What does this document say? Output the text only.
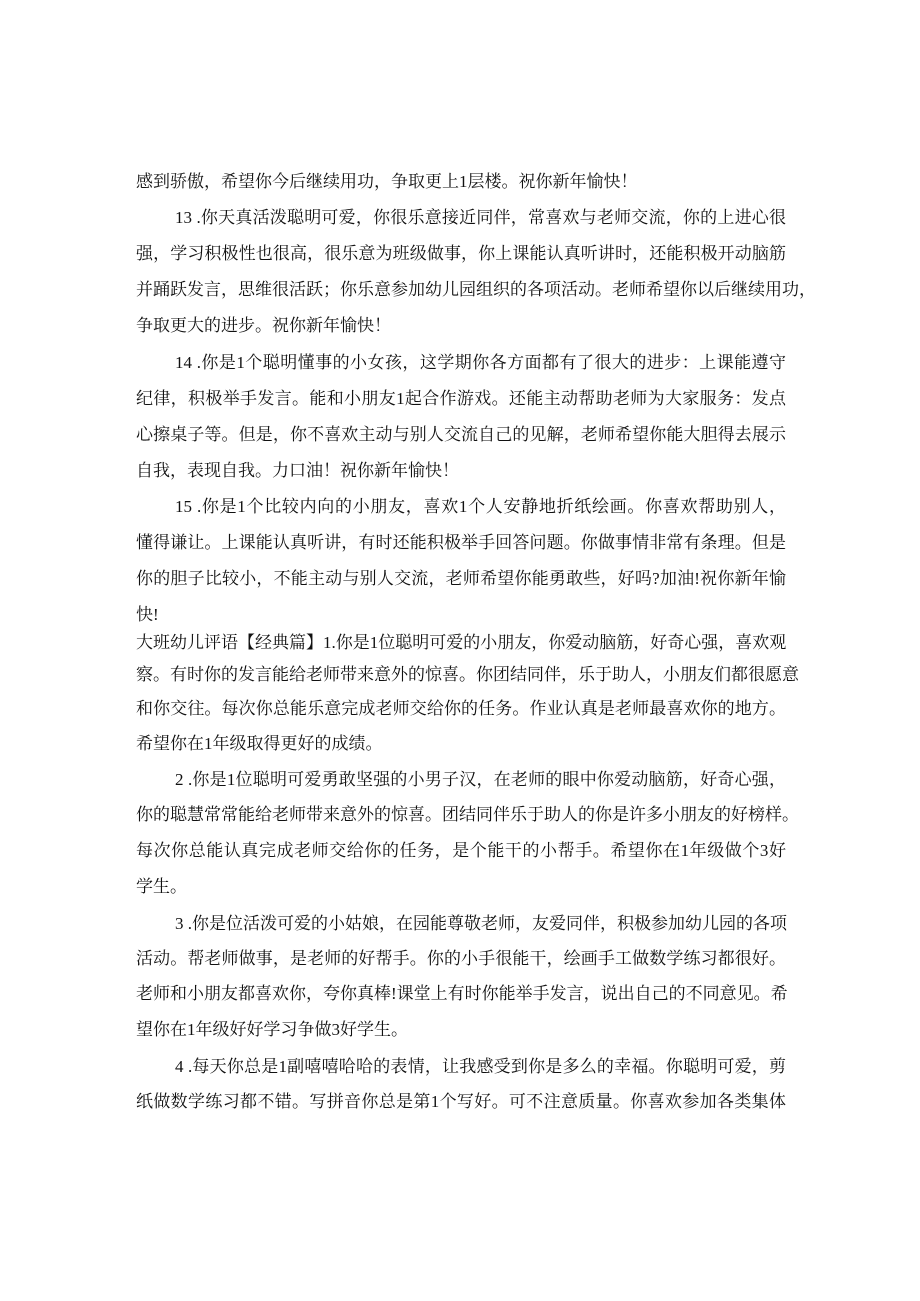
感到骄傲，希望你今后继续用功，争取更上1层楼。祝你新年愉快！
13 .你天真活泼聪明可爱，你很乐意接近同伴，常喜欢与老师交流，你的上进心很
强，学习积极性也很高，很乐意为班级做事，你上课能认真听讲时，还能积极开动脑筋
并踊跃发言，思维很活跃；你乐意参加幼儿园组织的各项活动。老师希望你以后继续用功，
争取更大的进步。祝你新年愉快！
14 .你是1个聪明懂事的小女孩，这学期你各方面都有了很大的进步：上课能遵守
纪律，积极举手发言。能和小朋友1起合作游戏。还能主动帮助老师为大家服务：发点
心擦桌子等。但是，你不喜欢主动与别人交流自己的见解，老师希望你能大胆得去展示
自我，表现自我。力口油！祝你新年愉快！
15 .你是1个比较内向的小朋友，喜欢1个人安静地折纸绘画。你喜欢帮助别人，
懂得谦让。上课能认真听讲，有时还能积极举手回答问题。你做事情非常有条理。但是
你的胆子比较小，不能主动与别人交流，老师希望你能勇敢些，好吗?加油!祝你新年愉
快!
大班幼儿评语【经典篇】1.你是1位聪明可爱的小朋友，你爱动脑筋，好奇心强，喜欢观
察。有时你的发言能给老师带来意外的惊喜。你团结同伴，乐于助人，小朋友们都很愿意
和你交往。每次你总能乐意完成老师交给你的任务。作业认真是老师最喜欢你的地方。
希望你在1年级取得更好的成绩。
2 .你是1位聪明可爱勇敢坚强的小男子汉，在老师的眼中你爱动脑筋，好奇心强，
你的聪慧常常能给老师带来意外的惊喜。团结同伴乐于助人的你是许多小朋友的好榜样。
每次你总能认真完成老师交给你的任务，是个能干的小帮手。希望你在1年级做个3好
学生。
3 .你是位活泼可爱的小姑娘，在园能尊敬老师，友爱同伴，积极参加幼儿园的各项
活动。帮老师做事，是老师的好帮手。你的小手很能干，绘画手工做数学练习都很好。
老师和小朋友都喜欢你，夸你真棒!课堂上有时你能举手发言，说出自己的不同意见。希
望你在1年级好好学习争做3好学生。
4 .每天你总是1副嘻嘻哈哈的表情，让我感受到你是多么的幸福。你聪明可爱，剪
纸做数学练习都不错。写拼音你总是第1个写好。可不注意质量。你喜欢参加各类集体
